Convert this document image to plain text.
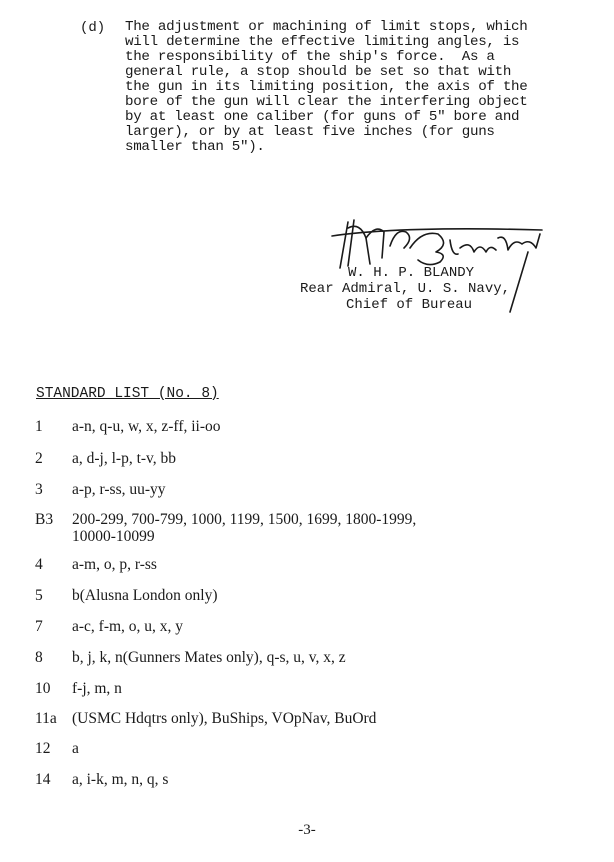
(d) The adjustment or machining of limit stops, which
will determine the effective limiting angles, is
the responsibility of the ship's force.  As a
general rule, a stop should be set so that with
the gun in its limiting position, the axis of the
bore of the gun will clear the interfering object
by at least one caliber (for guns of 5" bore and
larger), or by at least five inches (for guns
smaller than 5").
W. H. P. BLANDY
Rear Admiral, U. S. Navy,
Chief of Bureau
STANDARD LIST (No. 8)
1 a-n, q-u, w, x, z-ff, ii-oo
2 a, d-j, l-p, t-v, bb
3 a-p, r-ss, uu-yy
B3 200-299, 700-799, 1000, 1199, 1500, 1699, 1800-1999,
10000-10099
4 a-m, o, p, r-ss
5 b(Alusna London only)
7 a-c, f-m, o, u, x, y
8 b, j, k, n(Gunners Mates only), q-s, u, v, x, z
10 f-j, m, n
11a (USMC Hdqtrs only), BuShips, VOpNav, BuOrd
12 a
14 a, i-k, m, n, q, s
-3-
